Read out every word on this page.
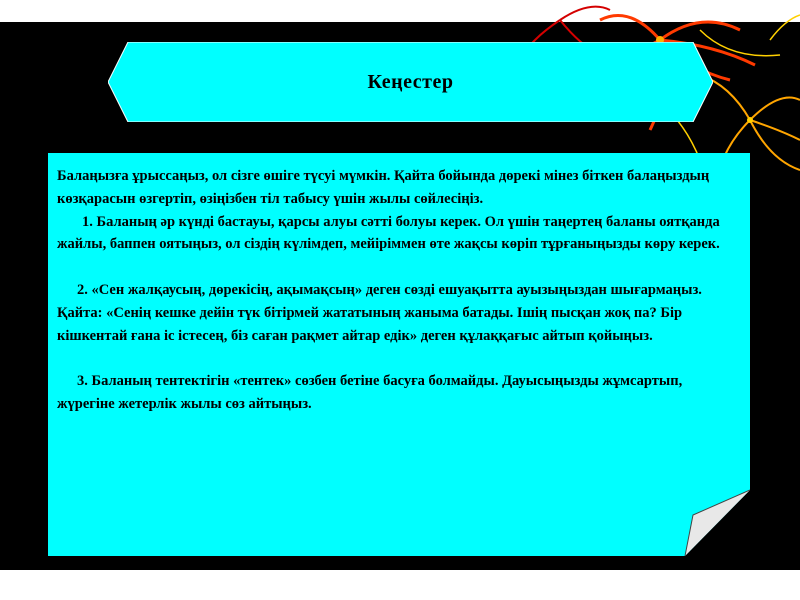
Кеңестер

Балаңызға ұрыссаңыз, ол сізге өшіге түсуі мүмкін. Қайта бойында дөрекі мінез біткен балаңыздың көзқарасын өзгертіп, өзіңізбен тіл табысу үшін жылы сөйлесіңіз.

1. Баланың әр күнді бастауы, қарсы алуы сәтті болуы керек. Ол үшін таңертең баланы оятқанда жайлы, баппен оятыңыз, ол сіздің күлімдеп, мейіріммен өте жақсы көріп тұрғаныңызды көру керек.

2. «Сен жалқаусың, дөрекісің, ақымақсың» деген сөзді ешуақытта ауызыңыздан шығармаңыз. Қайта: «Сенің кешке дейін түк бітірмей жататының жаныма батады. Ішің пысқан жоқ па? Бір кішкентай ғана іс істесең, біз саған рақмет айтар едік» деген құлаққағыс айтып қойыңыз.

3. Баланың тентектігін «тентек» сөзбен бетіне басуға болмайды. Дауысыңызды жұмсартып, жүрегіне жетерлік жылы сөз айтыңыз.
